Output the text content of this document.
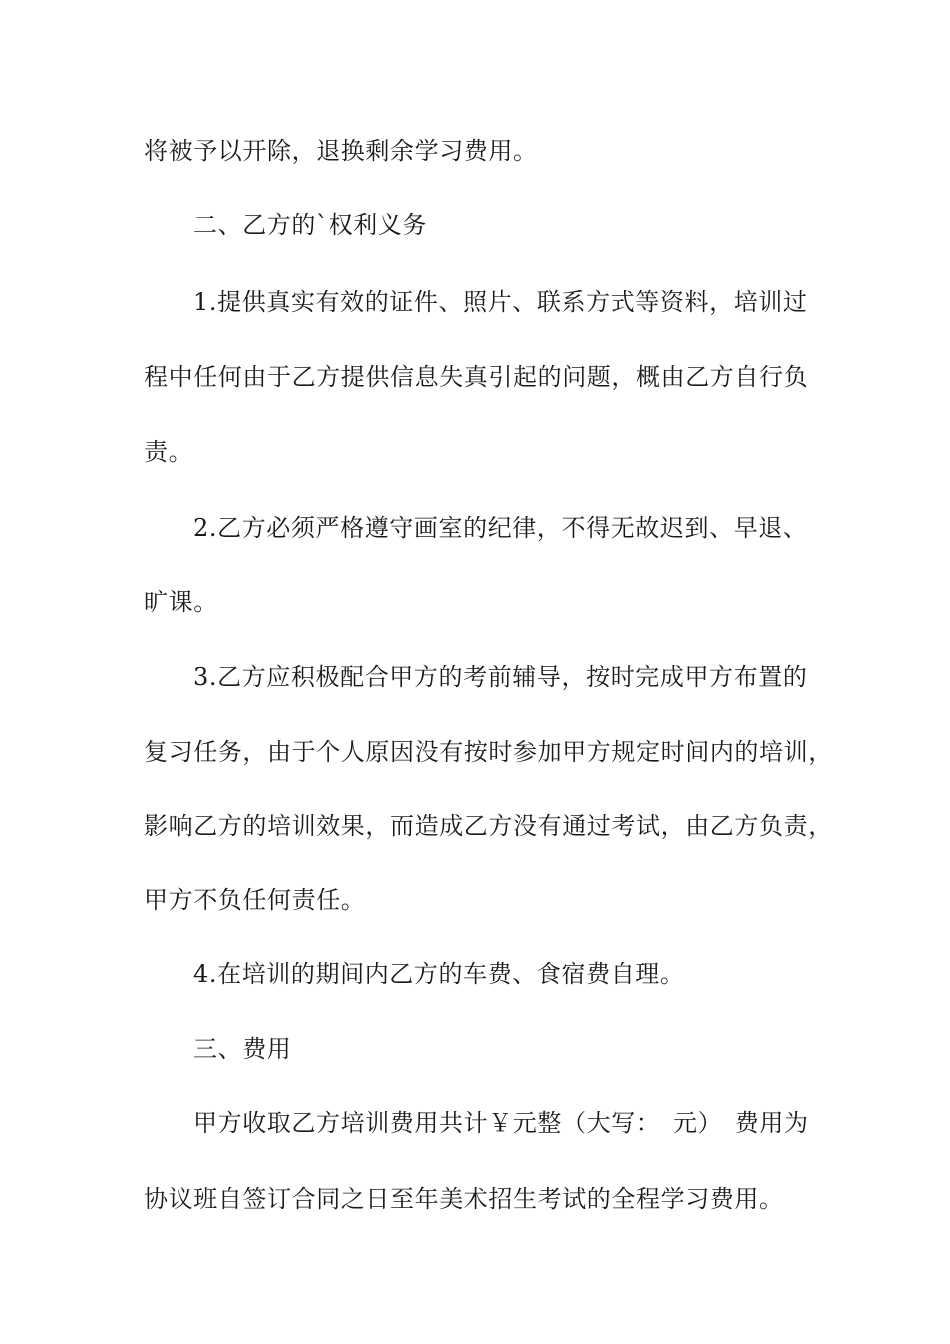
将被予以开除，退换剩余学习费用。
二、乙方的`权利义务
1.提供真实有效的证件、照片、联系方式等资料，培训过
程中任何由于乙方提供信息失真引起的问题，概由乙方自行负
责。
2.乙方必须严格遵守画室的纪律，不得无故迟到、早退、
旷课。
3.乙方应积极配合甲方的考前辅导，按时完成甲方布置的
复习任务，由于个人原因没有按时参加甲方规定时间内的培训，
影响乙方的培训效果，而造成乙方没有通过考试，由乙方负责，
甲方不负任何责任。
4.在培训的期间内乙方的车费、食宿费自理。
三、费用
甲方收取乙方培训费用共计￥元整（大写：　元）　费用为
协议班自签订合同之日至年美术招生考试的全程学习费用。
